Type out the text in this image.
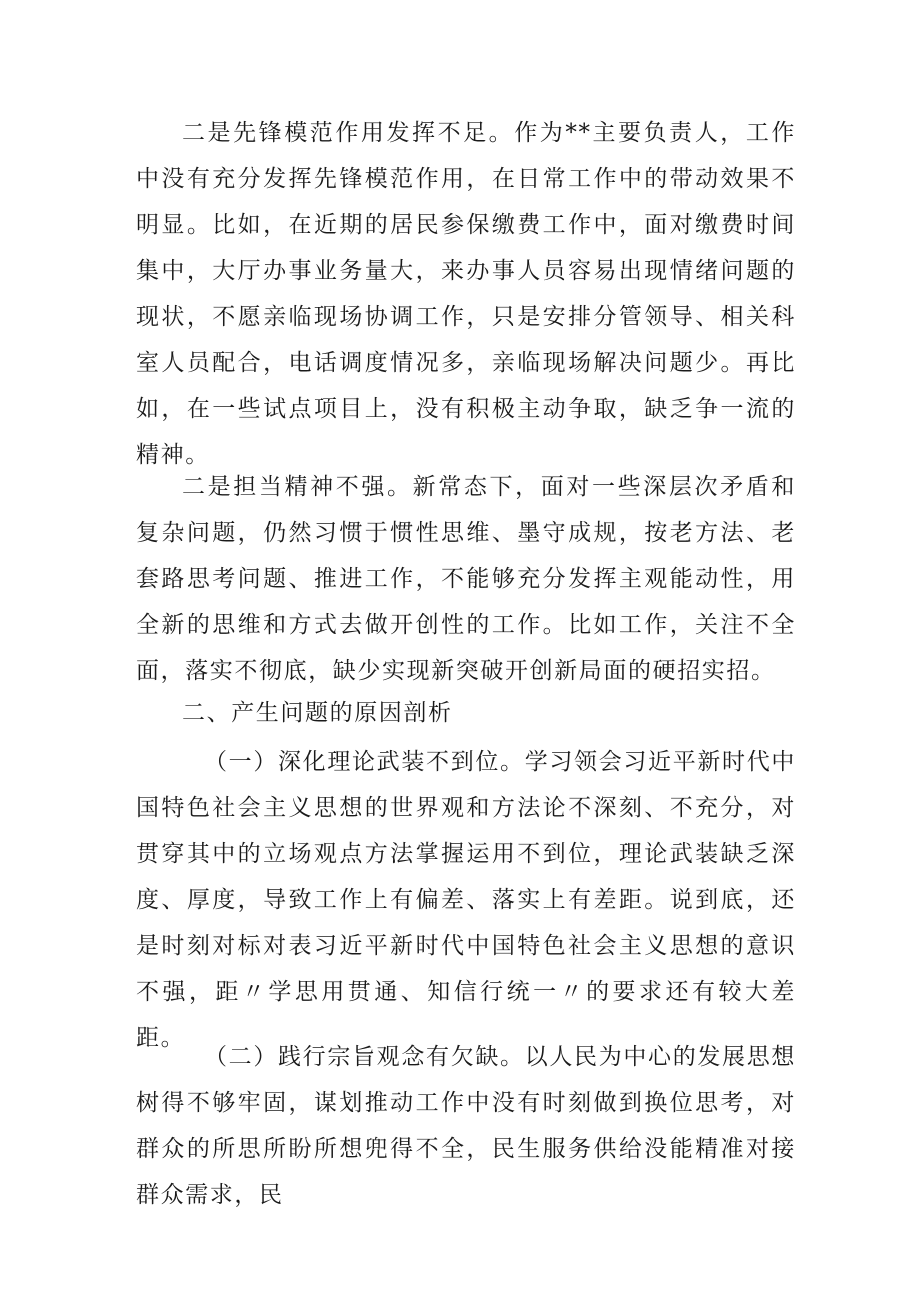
二是先锋模范作用发挥不足。作为**主要负责人，工作中没有充分发挥先锋模范作用，在日常工作中的带动效果不明显。比如，在近期的居民参保缴费工作中，面对缴费时间集中，大厅办事业务量大，来办事人员容易出现情绪问题的现状，不愿亲临现场协调工作，只是安排分管领导、相关科室人员配合，电话调度情况多，亲临现场解决问题少。再比如，在一些试点项目上，没有积极主动争取，缺乏争一流的精神。

二是担当精神不强。新常态下，面对一些深层次矛盾和复杂问题，仍然习惯于惯性思维、墨守成规，按老方法、老套路思考问题、推进工作，不能够充分发挥主观能动性，用全新的思维和方式去做开创性的工作。比如工作，关注不全面，落实不彻底，缺少实现新突破开创新局面的硬招实招。

二、产生问题的原因剖析

（一）深化理论武装不到位。学习领会习近平新时代中国特色社会主义思想的世界观和方法论不深刻、不充分，对贯穿其中的立场观点方法掌握运用不到位，理论武装缺乏深度、厚度，导致工作上有偏差、落实上有差距。说到底，还是时刻对标对表习近平新时代中国特色社会主义思想的意识不强，距〃学思用贯通、知信行统一〃的要求还有较大差距。

（二）践行宗旨观念有欠缺。以人民为中心的发展思想树得不够牢固，谋划推动工作中没有时刻做到换位思考，对群众的所思所盼所想兜得不全，民生服务供给没能精准对接群众需求，民
